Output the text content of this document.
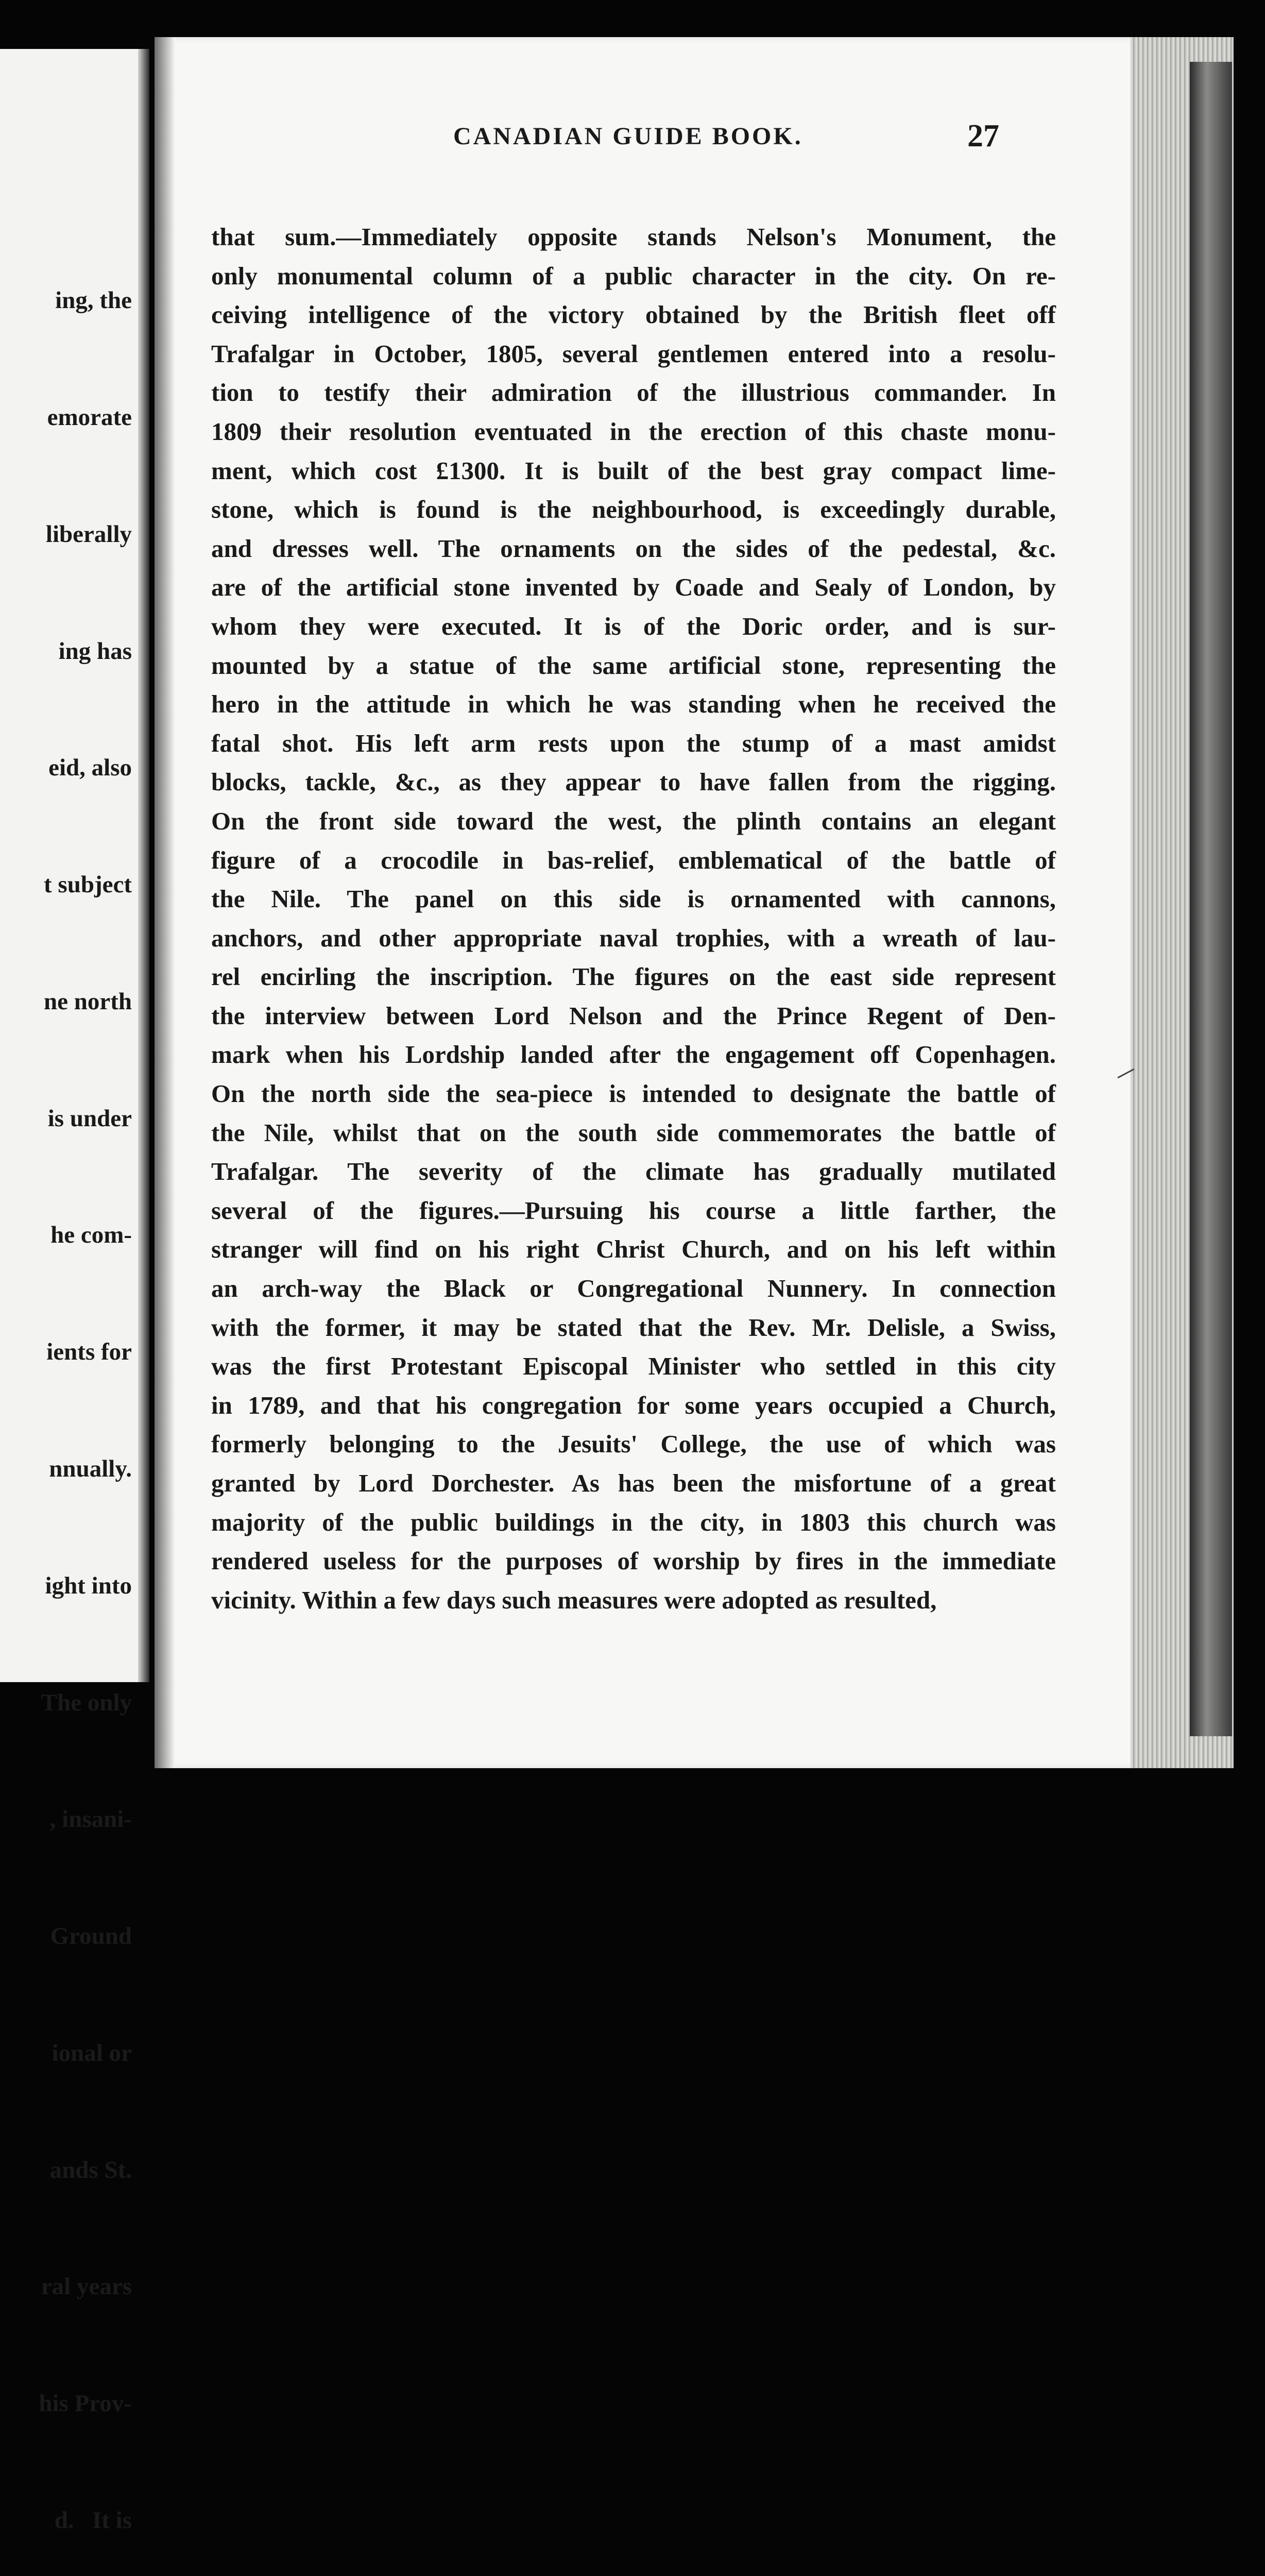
ing, the

emorate

liberally

ing has

eid, also

t subject

ne north

is under

he com-

ients for

nnually.

ight into

The only

, insani-

Ground

ional or

ands St.

ral years

his Prov-

d.   It is

CANADIAN GUIDE BOOK.	27
that sum.—Immediately opposite stands Nelson's Monument, the
only monumental column of a public character in the city. On re-
ceiving intelligence of the victory obtained by the British fleet off
Trafalgar in October, 1805, several gentlemen entered into a resolu-
tion to testify their admiration of the illustrious commander. In
1809 their resolution eventuated in the erection of this chaste monu-
ment, which cost £1300. It is built of the best gray compact lime-
stone, which is found is the neighbourhood, is exceedingly durable,
and dresses well. The ornaments on the sides of the pedestal, &c.
are of the artificial stone invented by Coade and Sealy of London, by
whom they were executed. It is of the Doric order, and is sur-
mounted by a statue of the same artificial stone, representing the
hero in the attitude in which he was standing when he received the
fatal shot. His left arm rests upon the stump of a mast amidst
blocks, tackle, &c., as they appear to have fallen from the rigging.
On the front side toward the west, the plinth contains an elegant
figure of a crocodile in bas-relief, emblematical of the battle of
the Nile. The panel on this side is ornamented with cannons,
anchors, and other appropriate naval trophies, with a wreath of lau-
rel encirling the inscription. The figures on the east side represent
the interview between Lord Nelson and the Prince Regent of Den-
mark when his Lordship landed after the engagement off Copenhagen.
On the north side the sea-piece is intended to designate the battle of
the Nile, whilst that on the south side commemorates the battle of
Trafalgar. The severity of the climate has gradually mutilated
several of the figures.—Pursuing his course a little farther, the
stranger will find on his right Christ Church, and on his left within
an arch-way the Black or Congregational Nunnery. In connection
with the former, it may be stated that the Rev. Mr. Delisle, a Swiss,
was the first Protestant Episcopal Minister who settled in this city
in 1789, and that his congregation for some years occupied a Church,
formerly belonging to the Jesuits' College, the use of which was
granted by Lord Dorchester. As has been the misfortune of a great
majority of the public buildings in the city, in 1803 this church was
rendered useless for the purposes of worship by fires in the immediate
vicinity. Within a few days such measures were adopted as resulted,
